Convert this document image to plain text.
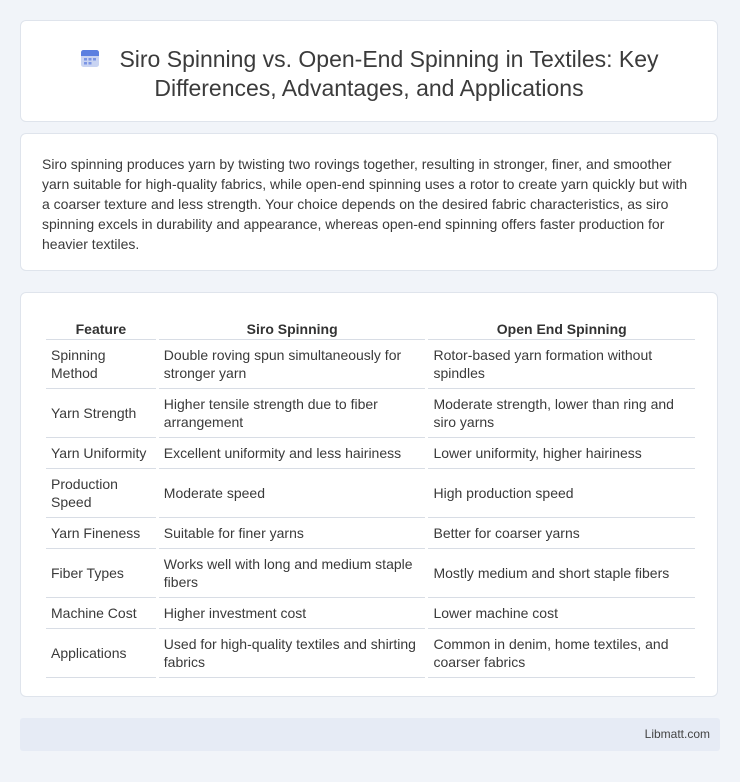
Siro Spinning vs. Open-End Spinning in Textiles: Key
Differences, Advantages, and Applications

Siro spinning produces yarn by twisting two rovings together, resulting in stronger, finer, and smoother yarn suitable for high-quality fabrics, while open-end spinning uses a rotor to create yarn quickly but with a coarser texture and less strength. Your choice depends on the desired fabric characteristics, as siro spinning excels in durability and appearance, whereas open-end spinning offers faster production for heavier textiles.

Feature	Siro Spinning	Open End Spinning
Spinning Method	Double roving spun simultaneously for stronger yarn	Rotor-based yarn formation without spindles
Yarn Strength	Higher tensile strength due to fiber arrangement	Moderate strength, lower than ring and siro yarns
Yarn Uniformity	Excellent uniformity and less hairiness	Lower uniformity, higher hairiness
Production Speed	Moderate speed	High production speed
Yarn Fineness	Suitable for finer yarns	Better for coarser yarns
Fiber Types	Works well with long and medium staple fibers	Mostly medium and short staple fibers
Machine Cost	Higher investment cost	Lower machine cost
Applications	Used for high-quality textiles and shirting fabrics	Common in denim, home textiles, and coarser fabrics
Libmatt.com
